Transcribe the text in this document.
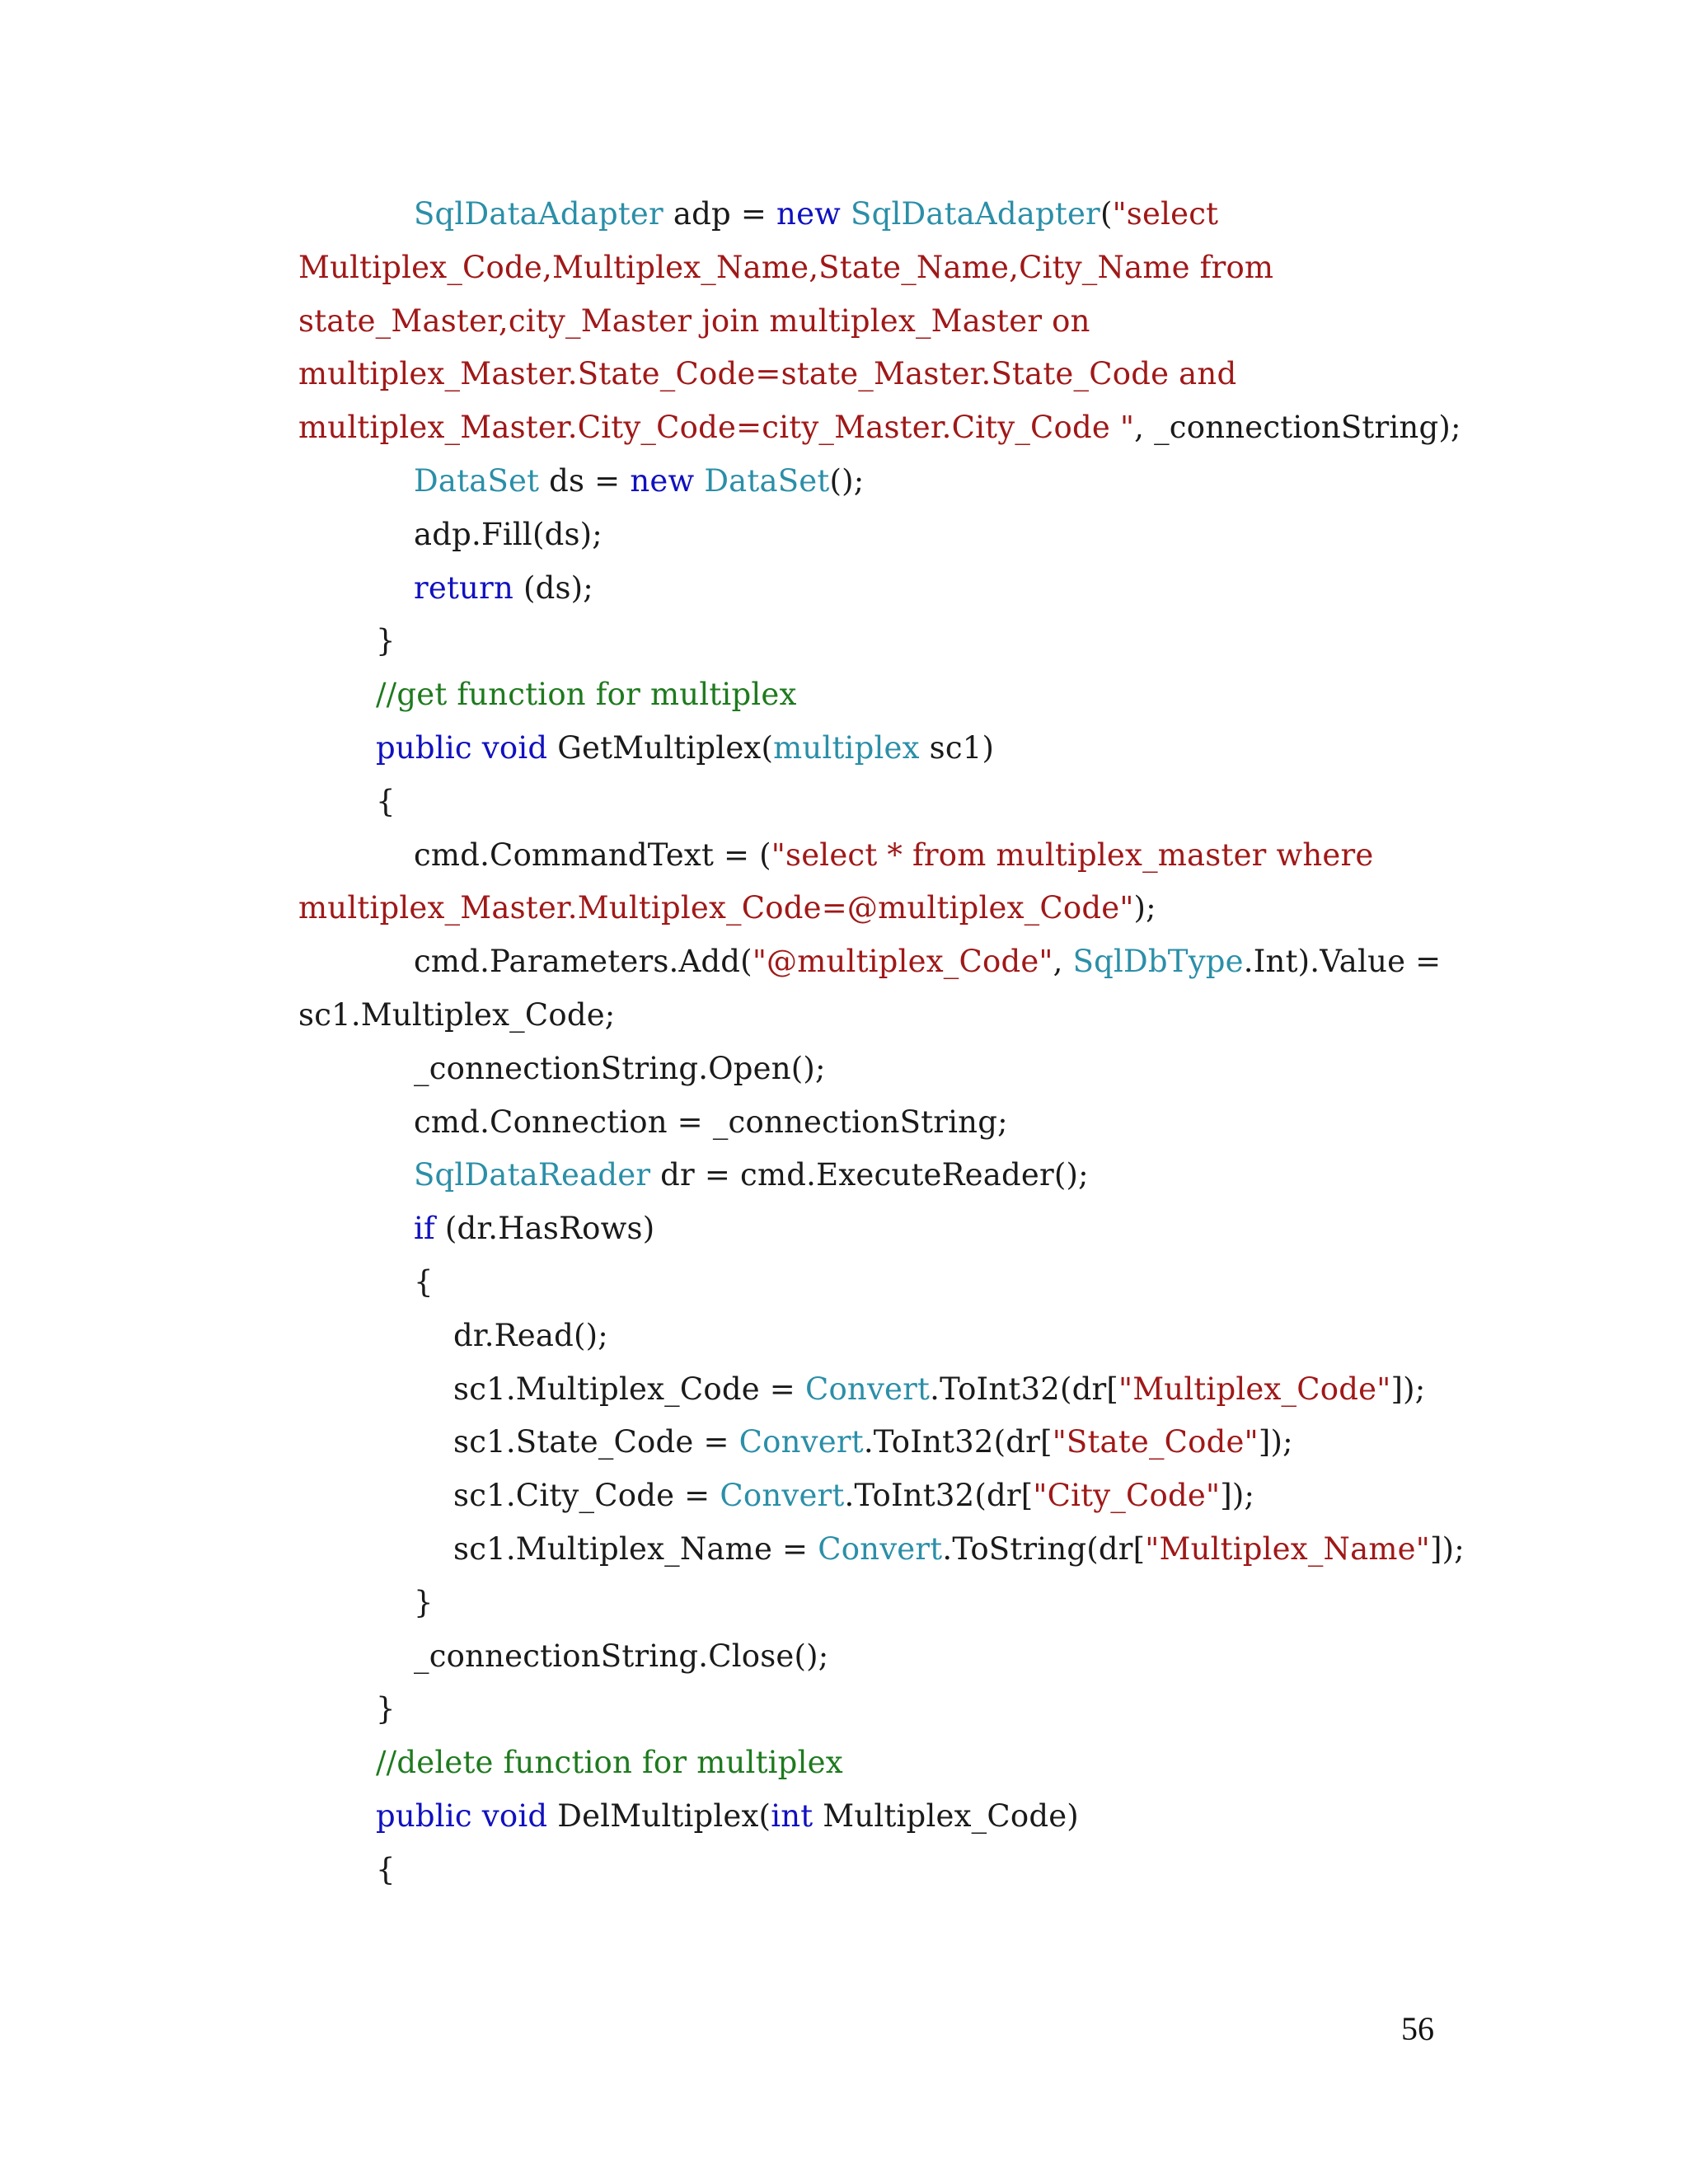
SqlDataAdapter adp = new SqlDataAdapter("select
Multiplex_Code,Multiplex_Name,State_Name,City_Name from
state_Master,city_Master join multiplex_Master on
multiplex_Master.State_Code=state_Master.State_Code and
multiplex_Master.City_Code=city_Master.City_Code ", _connectionString);
DataSet ds = new DataSet();
adp.Fill(ds);
return (ds);
}
//get function for multiplex
public void GetMultiplex(multiplex sc1)
{
cmd.CommandText = ("select * from multiplex_master where
multiplex_Master.Multiplex_Code=@multiplex_Code");
cmd.Parameters.Add("@multiplex_Code", SqlDbType.Int).Value =
sc1.Multiplex_Code;
_connectionString.Open();
cmd.Connection = _connectionString;
SqlDataReader dr = cmd.ExecuteReader();
if (dr.HasRows)
{
dr.Read();
sc1.Multiplex_Code = Convert.ToInt32(dr["Multiplex_Code"]);
sc1.State_Code = Convert.ToInt32(dr["State_Code"]);
sc1.City_Code = Convert.ToInt32(dr["City_Code"]);
sc1.Multiplex_Name = Convert.ToString(dr["Multiplex_Name"]);
}
_connectionString.Close();
}
//delete function for multiplex
public void DelMultiplex(int Multiplex_Code)
{
56
